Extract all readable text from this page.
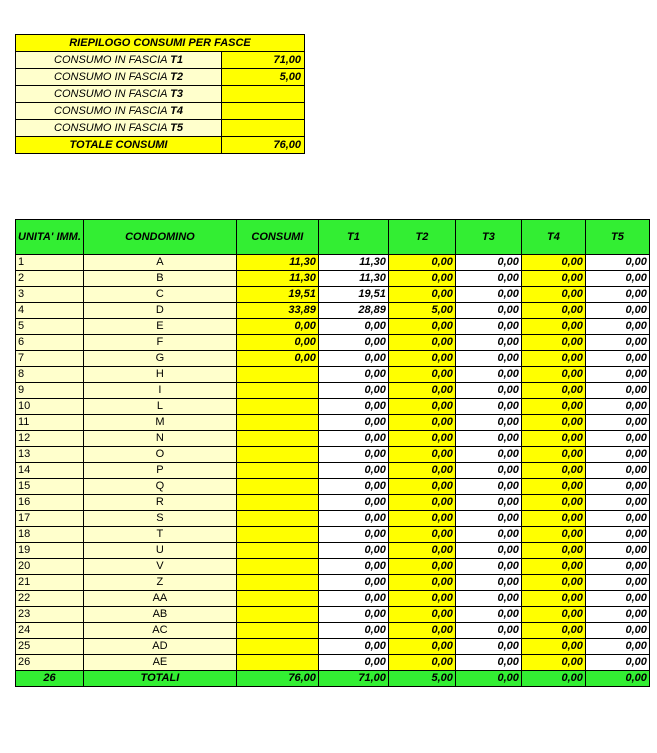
RIEPILOGO CONSUMI PER FASCE	
CONSUMO IN FASCIA T1	71,00
CONSUMO IN FASCIA T2	5,00
CONSUMO IN FASCIA T3	
CONSUMO IN FASCIA T4	
CONSUMO IN FASCIA T5	
TOTALE CONSUMI	76,00
UNITA' IMM.	CONDOMINO	CONSUMI	T1	T2	T3	T4	T5
1	A	11,30	11,30	0,00	0,00	0,00	0,00
2	B	11,30	11,30	0,00	0,00	0,00	0,00
3	C	19,51	19,51	0,00	0,00	0,00	0,00
4	D	33,89	28,89	5,00	0,00	0,00	0,00
5	E	0,00	0,00	0,00	0,00	0,00	0,00
6	F	0,00	0,00	0,00	0,00	0,00	0,00
7	G	0,00	0,00	0,00	0,00	0,00	0,00
8	H		0,00	0,00	0,00	0,00	0,00
9	I		0,00	0,00	0,00	0,00	0,00
10	L		0,00	0,00	0,00	0,00	0,00
11	M		0,00	0,00	0,00	0,00	0,00
12	N		0,00	0,00	0,00	0,00	0,00
13	O		0,00	0,00	0,00	0,00	0,00
14	P		0,00	0,00	0,00	0,00	0,00
15	Q		0,00	0,00	0,00	0,00	0,00
16	R		0,00	0,00	0,00	0,00	0,00
17	S		0,00	0,00	0,00	0,00	0,00
18	T		0,00	0,00	0,00	0,00	0,00
19	U		0,00	0,00	0,00	0,00	0,00
20	V		0,00	0,00	0,00	0,00	0,00
21	Z		0,00	0,00	0,00	0,00	0,00
22	AA		0,00	0,00	0,00	0,00	0,00
23	AB		0,00	0,00	0,00	0,00	0,00
24	AC		0,00	0,00	0,00	0,00	0,00
25	AD		0,00	0,00	0,00	0,00	0,00
26	AE		0,00	0,00	0,00	0,00	0,00
26	TOTALI	76,00	71,00	5,00	0,00	0,00	0,00
